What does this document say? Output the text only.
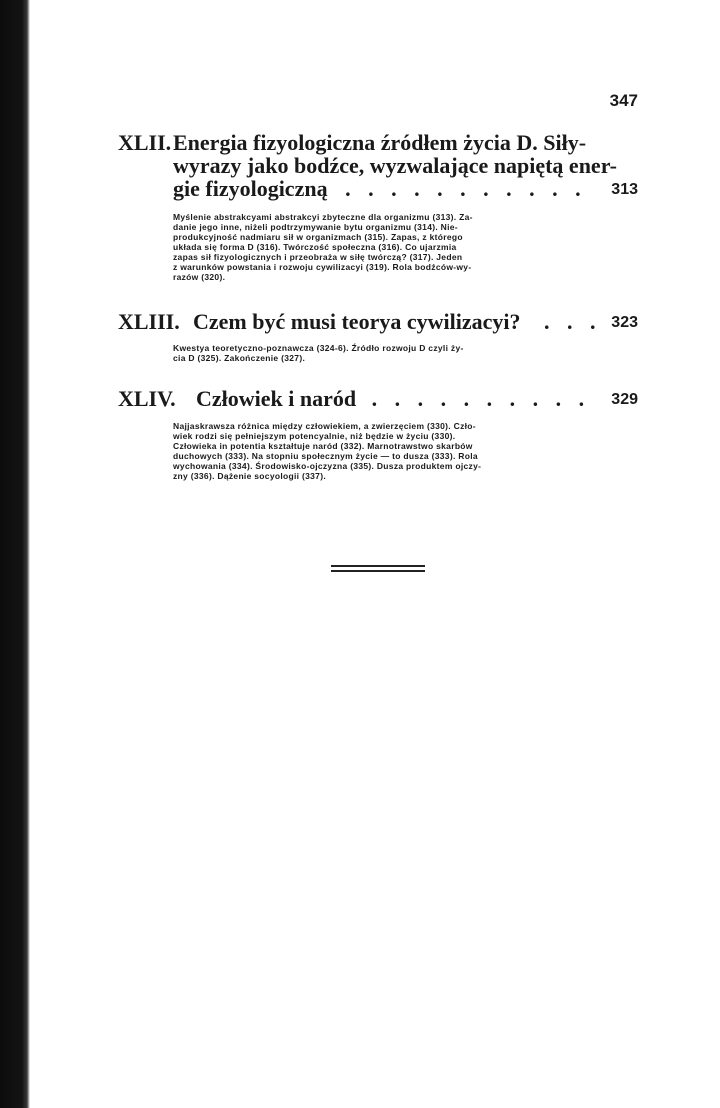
347
XLII. Energia fizyologiczna źródłem życia D. Siły-
wyrazy jako bodźce, wyzwalające napiętą ener-
gie fizyologiczną . . . . . . . . . . .	313
Myślenie abstrakcyami abstrakcyi zbyteczne dla organizmu (313). Za-
danie jego inne, niżeli podtrzymywanie bytu organizmu (314). Nie-
produkcyjność nadmiaru sił w organizmach (315). Zapas, z którego
układa się forma D (316). Twórczość społeczna (316). Co ujarzmia
zapas sił fizyologicznych i przeobraża w siłę twórczą? (317). Jeden
z warunków powstania i rozwoju cywilizacyi (319). Rola bodźców-wy-
razów (320).
XLIII. Czem być musi teorya cywilizacyi? . . . 323
Kwestya teoretyczno-poznawcza (324-6). Źródło rozwoju D czyli ży-
cia D (325). Zakończenie (327).
XLIV. Człowiek i naród . . . . . . . . . .	329
Najjaskrawsza różnica między człowiekiem, a zwierzęciem (330). Czło-
wiek rodzi się pełniejszym potencyalnie, niż będzie w życiu (330).
Człowieka in potentia kształtuje naród (332). Marnotrawstwo skarbów
duchowych (333). Na stopniu społecznym życie — to dusza (333). Rola
wychowania (334). Środowisko-ojczyzna (335). Dusza produktem ojczy-
zny (336). Dążenie socyologii (337).
